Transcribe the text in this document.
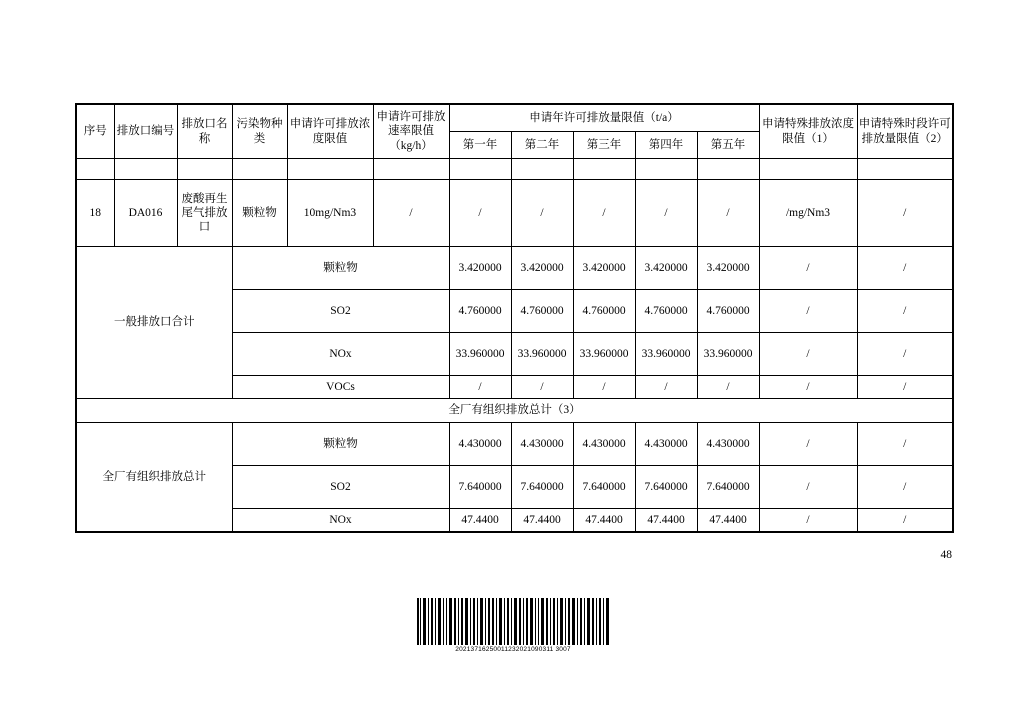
序号	排放口编号	排放口名称	污染物种类	申请许可排放浓度限值	申请许可排放速率限值（kg/h）	申请年许可排放量限值（t/a）					申请特殊排放浓度限值（1）	申请特殊时段许可排放量限值（2）
						第一年	第二年	第三年	第四年	第五年		

18	DA016	废酸再生尾气排放口	颗粒物	10mg/Nm3	/	/	/	/	/	/	/mg/Nm3	/
一般排放口合计			颗粒物			3.420000	3.420000	3.420000	3.420000	3.420000	/	/
			SO2			4.760000	4.760000	4.760000	4.760000	4.760000	/	/
			NOx			33.960000	33.960000	33.960000	33.960000	33.960000	/	/
			VOCs			/	/	/	/	/	/	/
全厂有组织排放总计（3）												
全厂有组织排放总计			颗粒物			4.430000	4.430000	4.430000	4.430000	4.430000	/	/
			SO2			7.640000	7.640000	7.640000	7.640000	7.640000	/	/
			NOx			47.4400	47.4400	47.4400	47.4400	47.4400	/	/
48
20213716250011232021090311 3007
